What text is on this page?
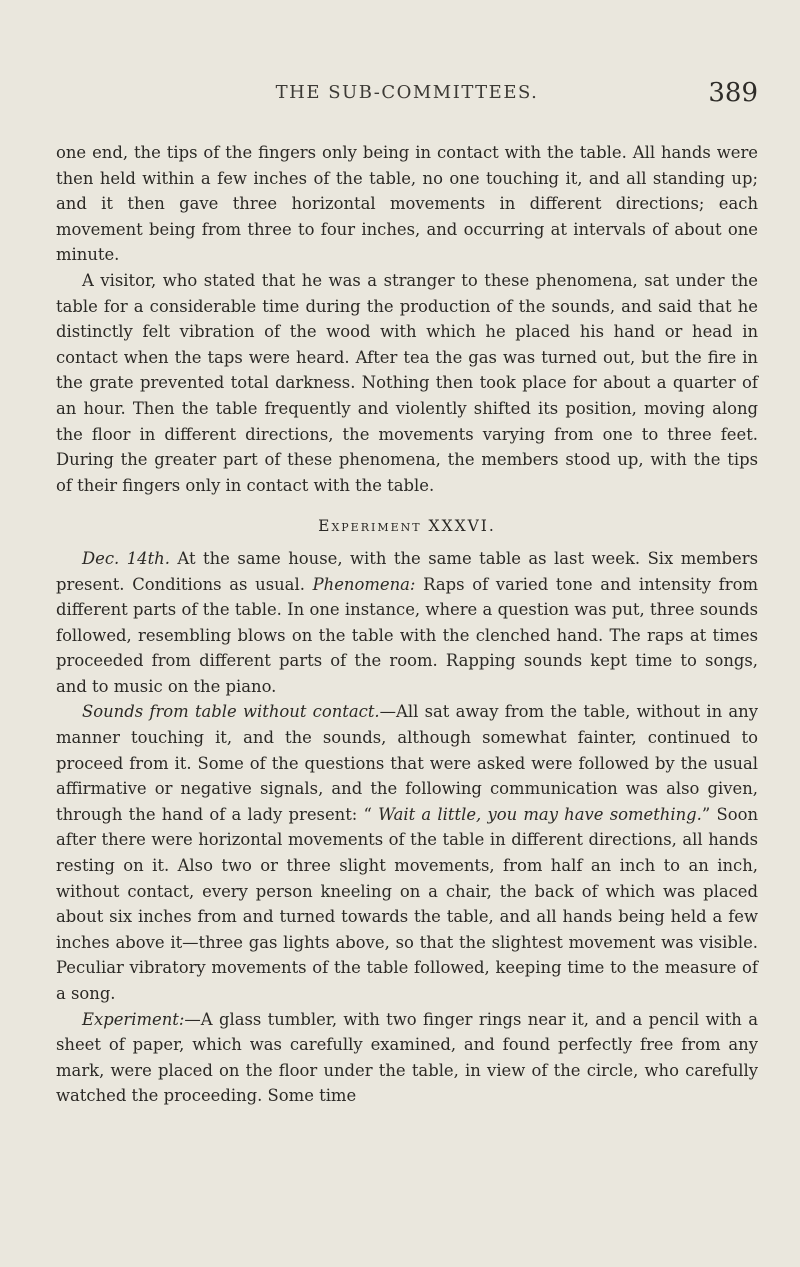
THE SUB-COMMITTEES.	389

one end, the tips of the fingers only being in contact with the table. All hands were then held within a few inches of the table, no one touching it, and all standing up; and it then gave three horizontal movements in different directions; each movement being from three to four inches, and occurring at intervals of about one minute.

A visitor, who stated that he was a stranger to these phenomena, sat under the table for a considerable time during the production of the sounds, and said that he distinctly felt vibration of the wood with which he placed his hand or head in contact when the taps were heard. After tea the gas was turned out, but the fire in the grate prevented total darkness. Nothing then took place for about a quarter of an hour. Then the table frequently and violently shifted its position, moving along the floor in different directions, the movements varying from one to three feet. During the greater part of these phenomena, the members stood up, with the tips of their fingers only in contact with the table.

Experiment XXXVI.

Dec. 14th. At the same house, with the same table as last week. Six members present. Conditions as usual. Phenomena: Raps of varied tone and intensity from different parts of the table. In one instance, where a question was put, three sounds followed, resembling blows on the table with the clenched hand. The raps at times proceeded from different parts of the room. Rapping sounds kept time to songs, and to music on the piano.

Sounds from table without contact.—All sat away from the table, without in any manner touching it, and the sounds, although somewhat fainter, continued to proceed from it. Some of the questions that were asked were followed by the usual affirmative or negative signals, and the following communication was also given, through the hand of a lady present: “ Wait a little, you may have something.” Soon after there were horizontal movements of the table in different directions, all hands resting on it. Also two or three slight movements, from half an inch to an inch, without contact, every person kneeling on a chair, the back of which was placed about six inches from and turned towards the table, and all hands being held a few inches above it—three gas lights above, so that the slightest movement was visible. Peculiar vibratory movements of the table followed, keeping time to the measure of a song.

Experiment:—A glass tumbler, with two finger rings near it, and a pencil with a sheet of paper, which was carefully examined, and found perfectly free from any mark, were placed on the floor under the table, in view of the circle, who carefully watched the proceeding. Some time
